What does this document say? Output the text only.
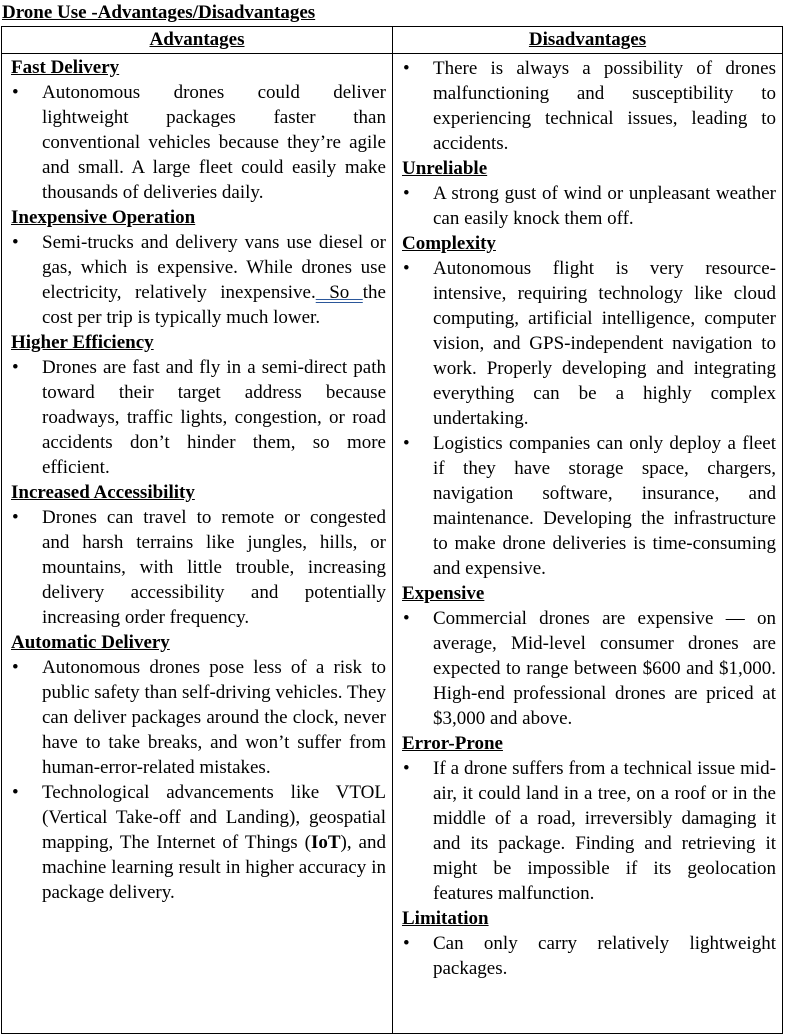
Drone Use -Advantages/Disadvantages
Advantages
Fast Delivery
•	Autonomous drones could deliver lightweight packages faster than conventional vehicles because they’re agile and small. A large fleet could easily make thousands of deliveries daily.
Inexpensive Operation
•	Semi-trucks and delivery vans use diesel or gas, which is expensive. While drones use electricity, relatively inexpensive. So the cost per trip is typically much lower.
Higher Efficiency
•	Drones are fast and fly in a semi-direct path toward their target address because roadways, traffic lights, congestion, or road accidents don’t hinder them, so more efficient.
Increased Accessibility
•	Drones can travel to remote or congested and harsh terrains like jungles, hills, or mountains, with little trouble, increasing delivery accessibility and potentially increasing order frequency.
Automatic Delivery
•	Autonomous drones pose less of a risk to public safety than self-driving vehicles. They can deliver packages around the clock, never have to take breaks, and won’t suffer from human-error-related mistakes.
•	Technological advancements like VTOL (Vertical Take-off and Landing), geospatial mapping, The Internet of Things (IoT), and machine learning result in higher accuracy in package delivery.
Disadvantages
•	There is always a possibility of drones malfunctioning and susceptibility to experiencing technical issues, leading to accidents.
Unreliable
•	A strong gust of wind or unpleasant weather can easily knock them off.
Complexity
•	Autonomous flight is very resource-intensive, requiring technology like cloud computing, artificial intelligence, computer vision, and GPS-independent navigation to work. Properly developing and integrating everything can be a highly complex undertaking.
•	Logistics companies can only deploy a fleet if they have storage space, chargers, navigation software, insurance, and maintenance. Developing the infrastructure to make drone deliveries is time-consuming and expensive.
Expensive
•	Commercial drones are expensive — on average, Mid-level consumer drones are expected to range between $600 and $1,000. High-end professional drones are priced at $3,000 and above.
Error-Prone
•	If a drone suffers from a technical issue mid-air, it could land in a tree, on a roof or in the middle of a road, irreversibly damaging it and its package. Finding and retrieving it might be impossible if its geolocation features malfunction.
Limitation
•	Can only carry relatively lightweight packages.
